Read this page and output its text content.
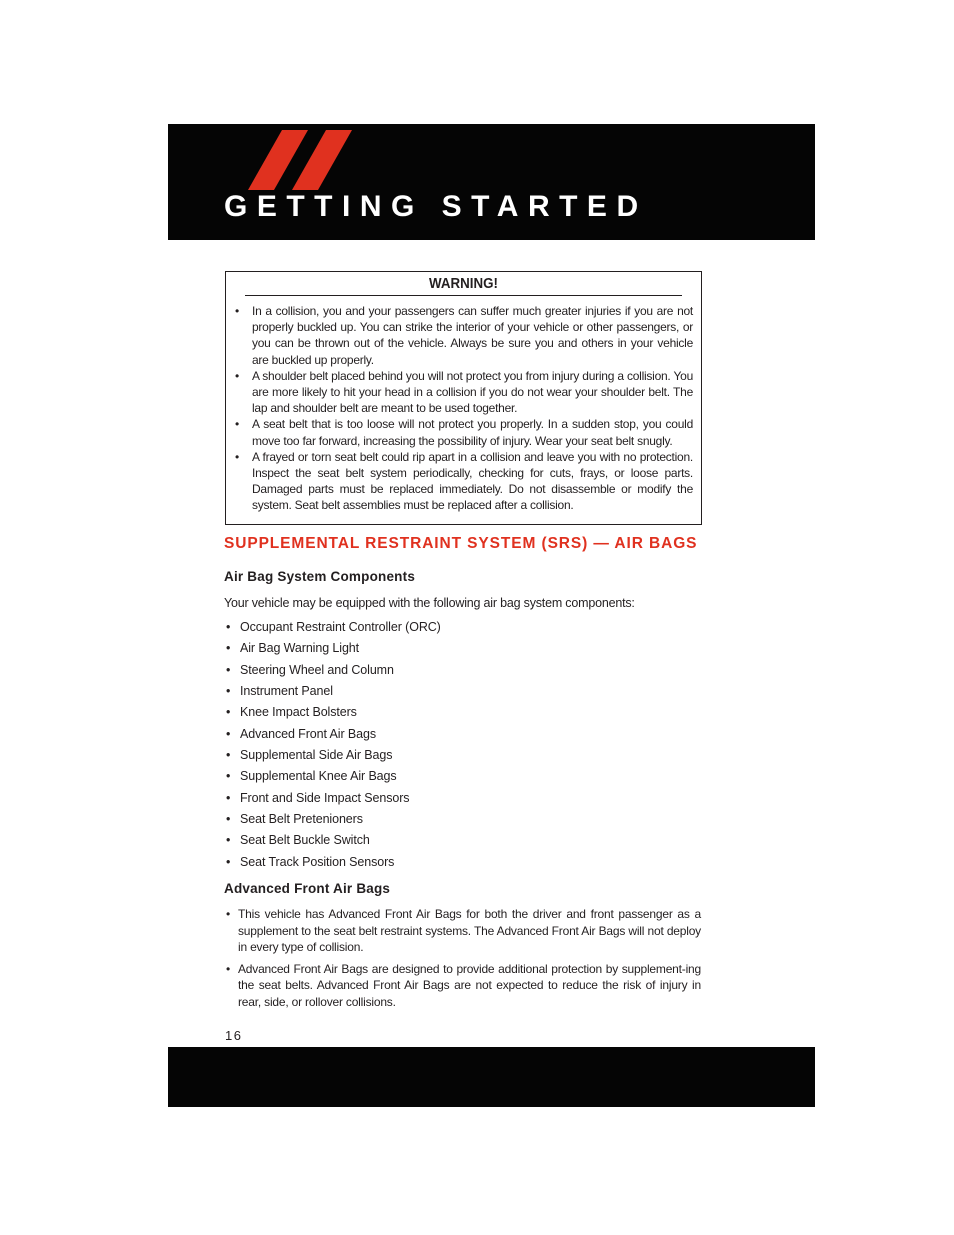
GETTING STARTED
WARNING!
• In a collision, you and your passengers can suffer much greater injuries if you are not properly buckled up. You can strike the interior of your vehicle or other passengers, or you can be thrown out of the vehicle. Always be sure you and others in your vehicle are buckled up properly.
• A shoulder belt placed behind you will not protect you from injury during a collision. You are more likely to hit your head in a collision if you do not wear your shoulder belt. The lap and shoulder belt are meant to be used together.
• A seat belt that is too loose will not protect you properly. In a sudden stop, you could move too far forward, increasing the possibility of injury. Wear your seat belt snugly.
• A frayed or torn seat belt could rip apart in a collision and leave you with no protection. Inspect the seat belt system periodically, checking for cuts, frays, or loose parts. Damaged parts must be replaced immediately. Do not disassemble or modify the system. Seat belt assemblies must be replaced after a collision.
SUPPLEMENTAL RESTRAINT SYSTEM (SRS) — AIR BAGS
Air Bag System Components

Your vehicle may be equipped with the following air bag system components:

• Occupant Restraint Controller (ORC)
• Air Bag Warning Light
• Steering Wheel and Column
• Instrument Panel
• Knee Impact Bolsters
• Advanced Front Air Bags
• Supplemental Side Air Bags
• Supplemental Knee Air Bags
• Front and Side Impact Sensors
• Seat Belt Pretenioners
• Seat Belt Buckle Switch
• Seat Track Position Sensors
Advanced Front Air Bags
• This vehicle has Advanced Front Air Bags for both the driver and front passenger as a supplement to the seat belt restraint systems. The Advanced Front Air Bags will not deploy in every type of collision.
• Advanced Front Air Bags are designed to provide additional protection by supplement-ing the seat belts. Advanced Front Air Bags are not expected to reduce the risk of injury in rear, side, or rollover collisions.

16
